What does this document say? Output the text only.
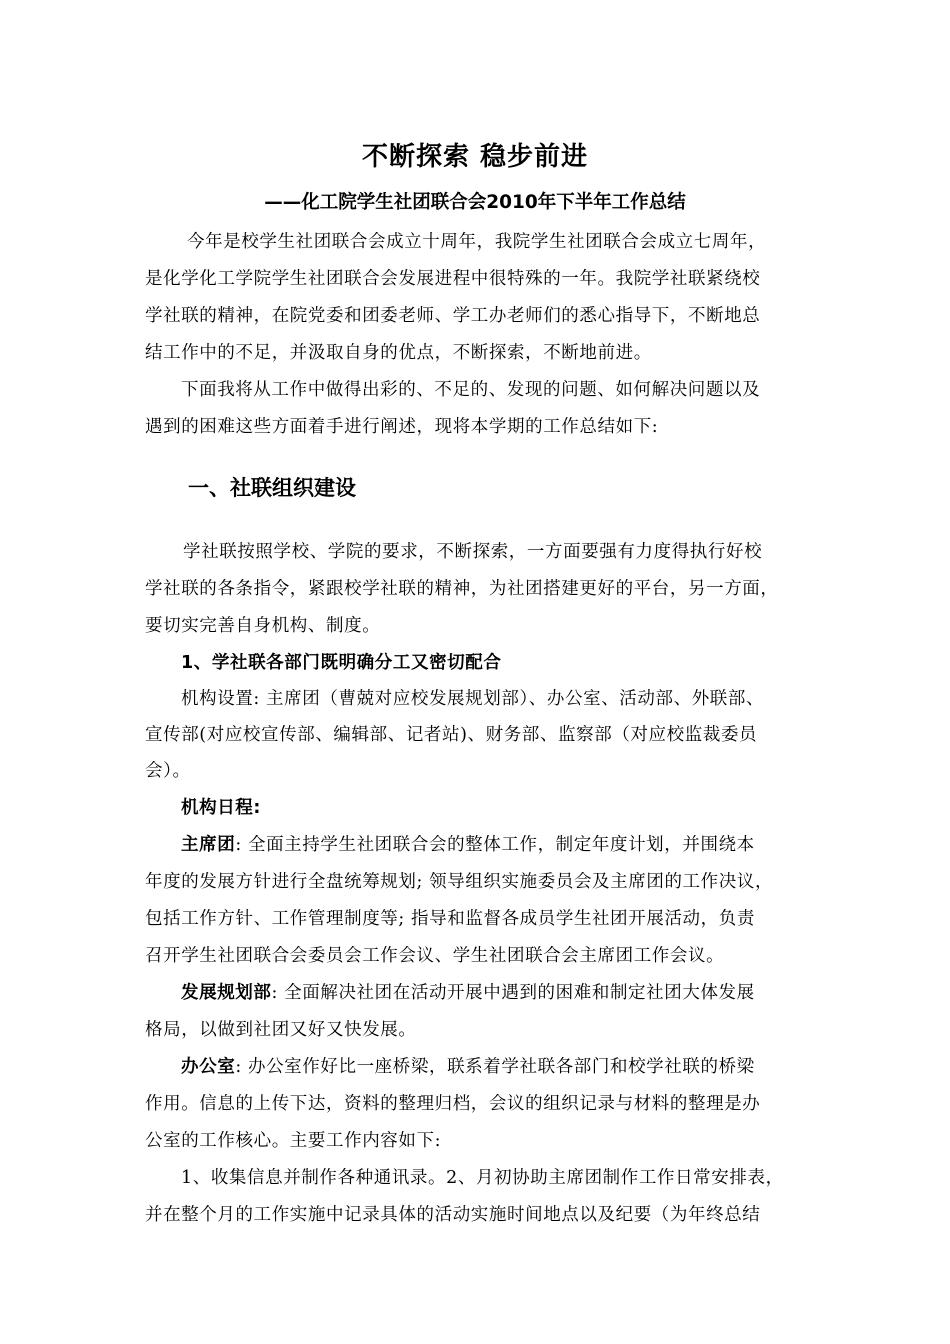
不断探索 稳步前进
——化工院学生社团联合会2010年下半年工作总结
今年是校学生社团联合会成立十周年，我院学生社团联合会成立七周年，
是化学化工学院学生社团联合会发展进程中很特殊的一年。我院学社联紧绕校
学社联的精神，在院党委和团委老师、学工办老师们的悉心指导下，不断地总
结工作中的不足，并汲取自身的优点，不断探索，不断地前进。
下面我将从工作中做得出彩的、不足的、发现的问题、如何解决问题以及
遇到的困难这些方面着手进行阐述，现将本学期的工作总结如下:
一、社联组织建设
学社联按照学校、学院的要求，不断探索，一方面要强有力度得执行好校
学社联的各条指令，紧跟校学社联的精神，为社团搭建更好的平台，另一方面，
要切实完善自身机构、制度。
1、学社联各部门既明确分工又密切配合
机构设置: 主席团（曹兢对应校发展规划部）、办公室、活动部、外联部、
宣传部(对应校宣传部、编辑部、记者站)、财务部、监察部（对应校监裁委员
会）。
机构日程:
主席团: 全面主持学生社团联合会的整体工作，制定年度计划，并围绕本
年度的发展方针进行全盘统筹规划; 领导组织实施委员会及主席团的工作决议，
包括工作方针、工作管理制度等; 指导和监督各成员学生社团开展活动，负责
召开学生社团联合会委员会工作会议、学生社团联合会主席团工作会议。
发展规划部: 全面解决社团在活动开展中遇到的困难和制定社团大体发展
格局，以做到社团又好又快发展。
办公室: 办公室作好比一座桥梁，联系着学社联各部门和校学社联的桥梁
作用。信息的上传下达，资料的整理归档，会议的组织记录与材料的整理是办
公室的工作核心。主要工作内容如下:
1、收集信息并制作各种通讯录。2、月初协助主席团制作工作日常安排表，
并在整个月的工作实施中记录具体的活动实施时间地点以及纪要（为年终总结
